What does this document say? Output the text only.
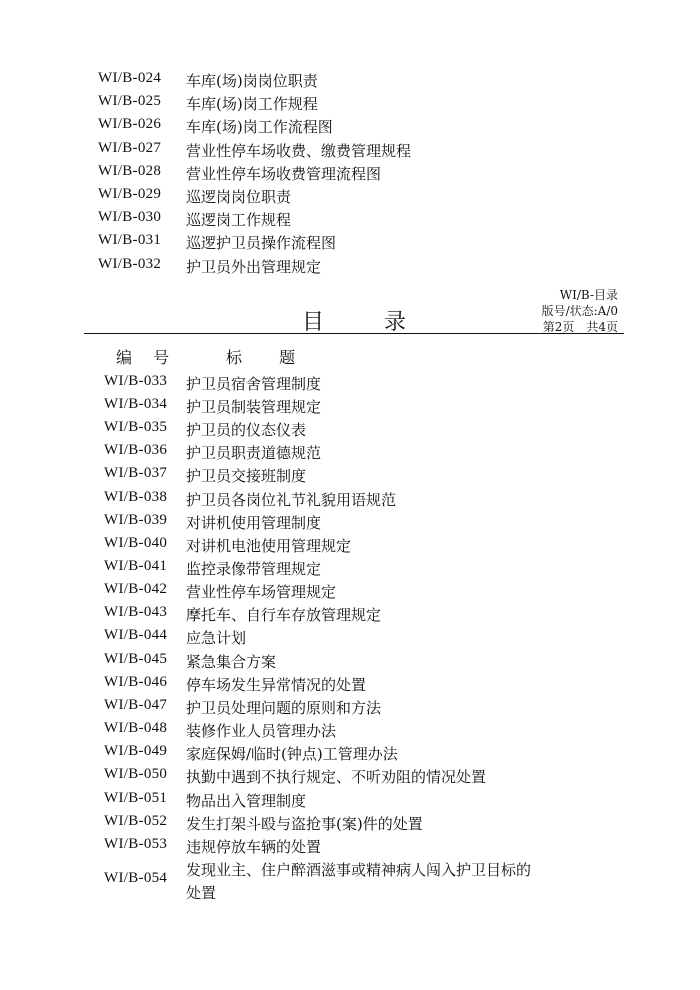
WI/B-024 车库(场)岗岗位职责
WI/B-025 车库(场)岗工作规程
WI/B-026 车库(场)岗工作流程图
WI/B-027 营业性停车场收费、缴费管理规程
WI/B-028 营业性停车场收费管理流程图
WI/B-029 巡逻岗岗位职责
WI/B-030 巡逻岗工作规程
WI/B-031 巡逻护卫员操作流程图
WI/B-032 护卫员外出管理规定
WI/B-目录
版号/状态:A/0
第2页　共4页
目录
编 号	标 题
WI/B-033 护卫员宿舍管理制度
WI/B-034 护卫员制装管理规定
WI/B-035 护卫员的仪态仪表
WI/B-036 护卫员职责道德规范
WI/B-037 护卫员交接班制度
WI/B-038 护卫员各岗位礼节礼貌用语规范
WI/B-039 对讲机使用管理制度
WI/B-040 对讲机电池使用管理规定
WI/B-041 监控录像带管理规定
WI/B-042 营业性停车场管理规定
WI/B-043 摩托车、自行车存放管理规定
WI/B-044 应急计划
WI/B-045 紧急集合方案
WI/B-046 停车场发生异常情况的处置
WI/B-047 护卫员处理问题的原则和方法
WI/B-048 装修作业人员管理办法
WI/B-049 家庭保姆/临时(钟点)工管理办法
WI/B-050 执勤中遇到不执行规定、不听劝阻的情况处置
WI/B-051 物品出入管理制度
WI/B-052 发生打架斗殴与盗抢事(案)件的处置
WI/B-053 违规停放车辆的处置
WI/B-054 发现业主、住户醉酒滋事或精神病人闯入护卫目标的处置
